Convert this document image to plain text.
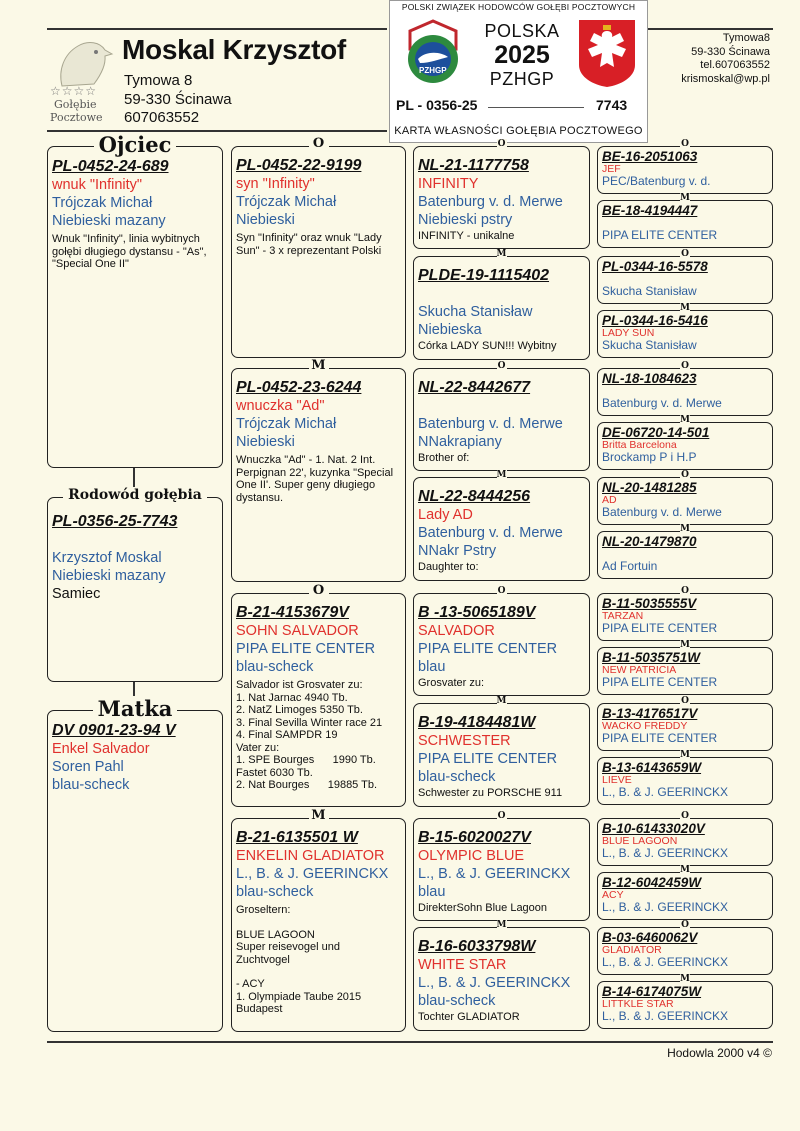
☆☆☆☆
Gołębie
Pocztowe
Moskal Krzysztof
Tymowa 8
59-330 Ścinawa
607063552
Tymowa8
59-330 Ścinawa
tel.607063552
krismoskal@wp.pl
POLSKI ZWIĄZEK HODOWCÓW GOŁĘBI POCZTOWYCH
PZHGP
POLSKA
2025
PZHGP
PL - 0356-25	7743
KARTA WŁASNOŚCI GOŁĘBIA POCZTOWEGO
Ojciec
PL-0452-24-689
wnuk "Infinity"
Trójczak Michał
Niebieski mazany
Wnuk "Infinity", linia wybitnych gołębi długiego dystansu - "As", "Special One II"
Rodowód gołębia
PL-0356-25-7743
Krzysztof Moskal
Niebieski mazany
Samiec
Matka
DV 0901-23-94 V
Enkel Salvador
Soren Pahl
blau-scheck
O
PL-0452-22-9199
syn "Infinity"
Trójczak Michał
Niebieski
Syn "Infinity" oraz wnuk "Lady Sun" - 3 x reprezentant Polski
M
PL-0452-23-6244
wnuczka "Ad"
Trójczak Michał
Niebieski
Wnuczka "Ad" - 1. Nat. 2 Int. Perpignan 22', kuzynka "Special One II'. Super geny długiego dystansu.
O
B-21-4153679V
SOHN SALVADOR
PIPA ELITE CENTER
blau-scheck
Salvador ist Grosvater zu:
1. Nat Jarnac 4940 Tb.
2. NatZ Limoges 5350 Tb.
3. Final Sevilla Winter race 21
4. Final SAMPDR 19
Vater zu:
1. SPE Bourges      1990 Tb.
Fastet 6030 Tb.
2. Nat Bourges      19885 Tb.
M
B-21-6135501 W
ENKELIN GLADIATOR
L., B. & J. GEERINCKX
blau-scheck
Groseltern:
BLUE LAGOON
Super reisevogel und
Zuchtvogel
- ACY
1. Olympiade Taube 2015
Budapest
O
NL-21-1177758
INFINITY
Batenburg v. d. Merwe
Niebieski pstry
INFINITY - unikalne
M
PLDE-19-1115402
Skucha Stanisław
Niebieska
Córka LADY SUN!!! Wybitny
O
NL-22-8442677
Batenburg v. d. Merwe
NNakrapiany
Brother of:
M
NL-22-8444256
Lady AD
Batenburg v. d. Merwe
NNakr Pstry
Daughter to:
O
B -13-5065189V
SALVADOR
PIPA ELITE CENTER
blau
Grosvater zu:
M
B-19-4184481W
SCHWESTER
PIPA ELITE CENTER
blau-scheck
Schwester zu PORSCHE 911
O
B-15-6020027V
OLYMPIC BLUE
L., B. & J. GEERINCKX
blau
DirekterSohn Blue Lagoon
M
B-16-6033798W
WHITE STAR
L., B. & J. GEERINCKX
blau-scheck
Tochter GLADIATOR
O
BE-16-2051063
JEF
PEC/Batenburg v. d.
M
BE-18-4194447
PIPA ELITE CENTER
O
PL-0344-16-5578
Skucha Stanisław
M
PL-0344-16-5416
LADY SUN
Skucha Stanisław
O
NL-18-1084623
Batenburg v. d. Merwe
M
DE-06720-14-501
Britta Barcelona
Brockamp P i H.P
O
NL-20-1481285
AD
Batenburg v. d. Merwe
M
NL-20-1479870
Ad Fortuin
O
B-11-5035555V
TARZAN
PIPA ELITE CENTER
M
B-11-5035751W
NEW PATRICIA
PIPA ELITE CENTER
O
B-13-4176517V
WACKO FREDDY
PIPA ELITE CENTER
M
B-13-6143659W
LIEVE
L., B. & J. GEERINCKX
O
B-10-61433020V
BLUE LAGOON
L., B. & J. GEERINCKX
M
B-12-6042459W
ACY
L., B. & J. GEERINCKX
O
B-03-6460062V
GLADIATOR
L., B. & J. GEERINCKX
M
B-14-6174075W
LITTKLE STAR
L., B. & J. GEERINCKX
Hodowla 2000 v4 ©
